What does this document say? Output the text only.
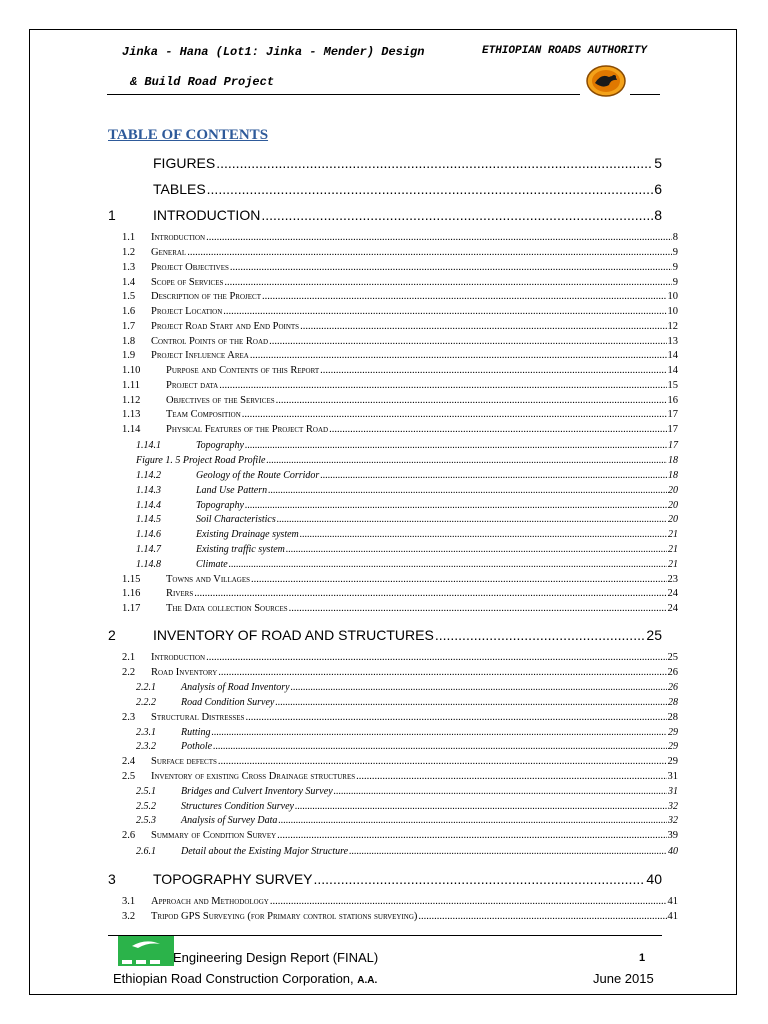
Jinka - Hana (Lot1: Jinka - Mender) Design
& Build Road Project
ETHIOPIAN ROADS AUTHORITY
TABLE OF CONTENTS
FIGURES .....	5
TABLES .....	6
1	INTRODUCTION .....	8
2	INVENTORY OF ROAD AND STRUCTURES .....	25
3	TOPOGRAPHY SURVEY .....	40
1.1	Introduction .....	8
1.2	General .....	9
1.3	Project Objectives .....	9
1.4	Scope of Services .....	9
1.5	Description of the Project .....	10
1.6	Project Location .....	10
1.7	Project Road Start and End Points .....	12
1.8	Control Points of the Road .....	13
1.9	Project Influence Area .....	14
1.10	Purpose and Contents of this Report .....	14
1.11	Project data .....	15
1.12	Objectives of the Services .....	16
1.13	Team Composition .....	17
1.14	Physical Features of the Project Road .....	17
1.14.1	Topography .....	17
Figure 1. 5 Project Road Profile .....	18
1.14.2	Geology of the Route Corridor .....	18
1.14.3	Land Use Pattern .....	20
1.14.4	Topography .....	20
1.14.5	Soil Characteristics .....	20
1.14.6	Existing Drainage system .....	21
1.14.7	Existing traffic system .....	21
1.14.8	Climate .....	21
1.15	Towns and Villages .....	23
1.16	Rivers .....	24
1.17	The Data collection Sources .....	24
2.1	Introduction .....	25
2.2	Road Inventory .....	26
2.2.1	Analysis of Road Inventory .....	26
2.2.2	Road Condition Survey .....	28
2.3	Structural Distresses .....	28
2.3.1	Rutting .....	29
2.3.2	Pothole .....	29
2.4	Surface defects .....	29
2.5	Inventory of existing Cross Drainage structures .....	31
2.5.1	Bridges and Culvert Inventory Survey .....	31
2.5.2	Structures Condition Survey .....	32
2.5.3	Analysis of Survey Data .....	32
2.6	Summary of Condition Survey .....	39
2.6.1	Detail about the Existing Major Structure .....	40
3.1	Approach and Methodology .....	41
3.2	Tripod GPS Surveying (for Primary control stations surveying) .....	41
Engineering Design Report (FINAL)	1
Ethiopian Road Construction Corporation, A.A.	June 2015
